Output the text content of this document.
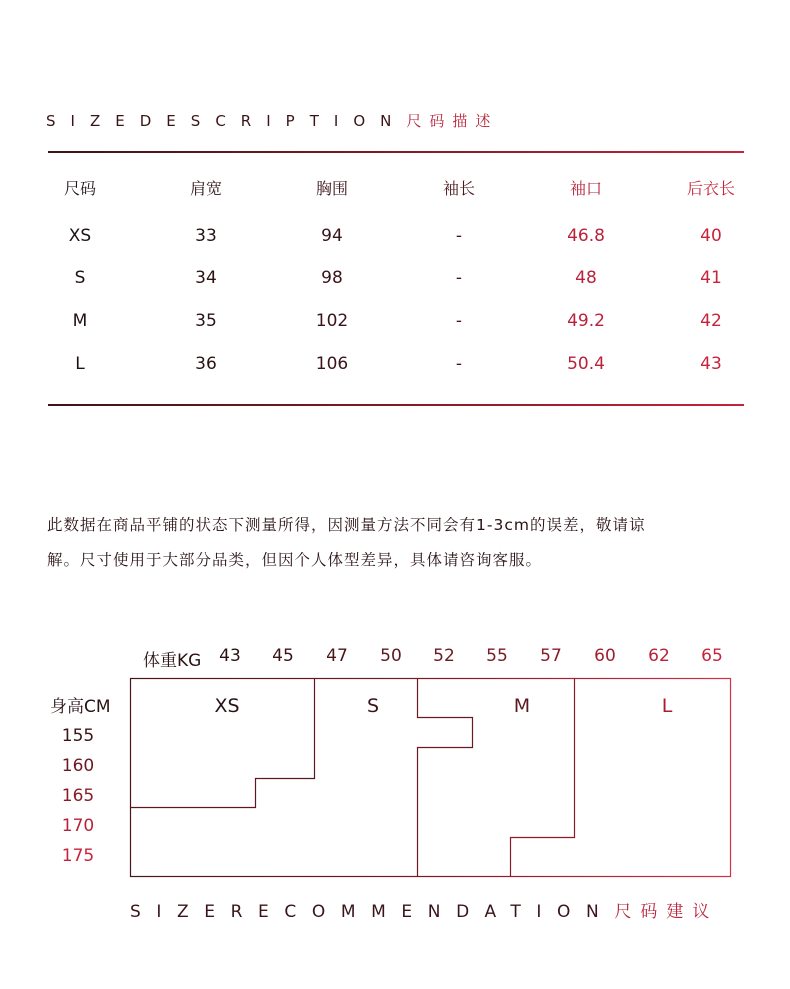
SIZEDESCRIPTION尺码描述
尺码	肩宽	胸围	袖长	袖口	后衣长
XS	33	94	-	46.8	40
S	34	98	-	48	41
M	35	102	-	49.2	42
L	36	106	-	50.4	43
此数据在商品平铺的状态下测量所得，因测量方法不同会有1-3cm的误差，敬请谅
解。尺寸使用于大部分品类，但因个人体型差异，具体请咨询客服。
体重KG	43	45	47	50	52	55	57	60	62	65
身高CM
155
160
165
170
175
XS	S	M	L
SIZERECOMMENDATION尺码建议
